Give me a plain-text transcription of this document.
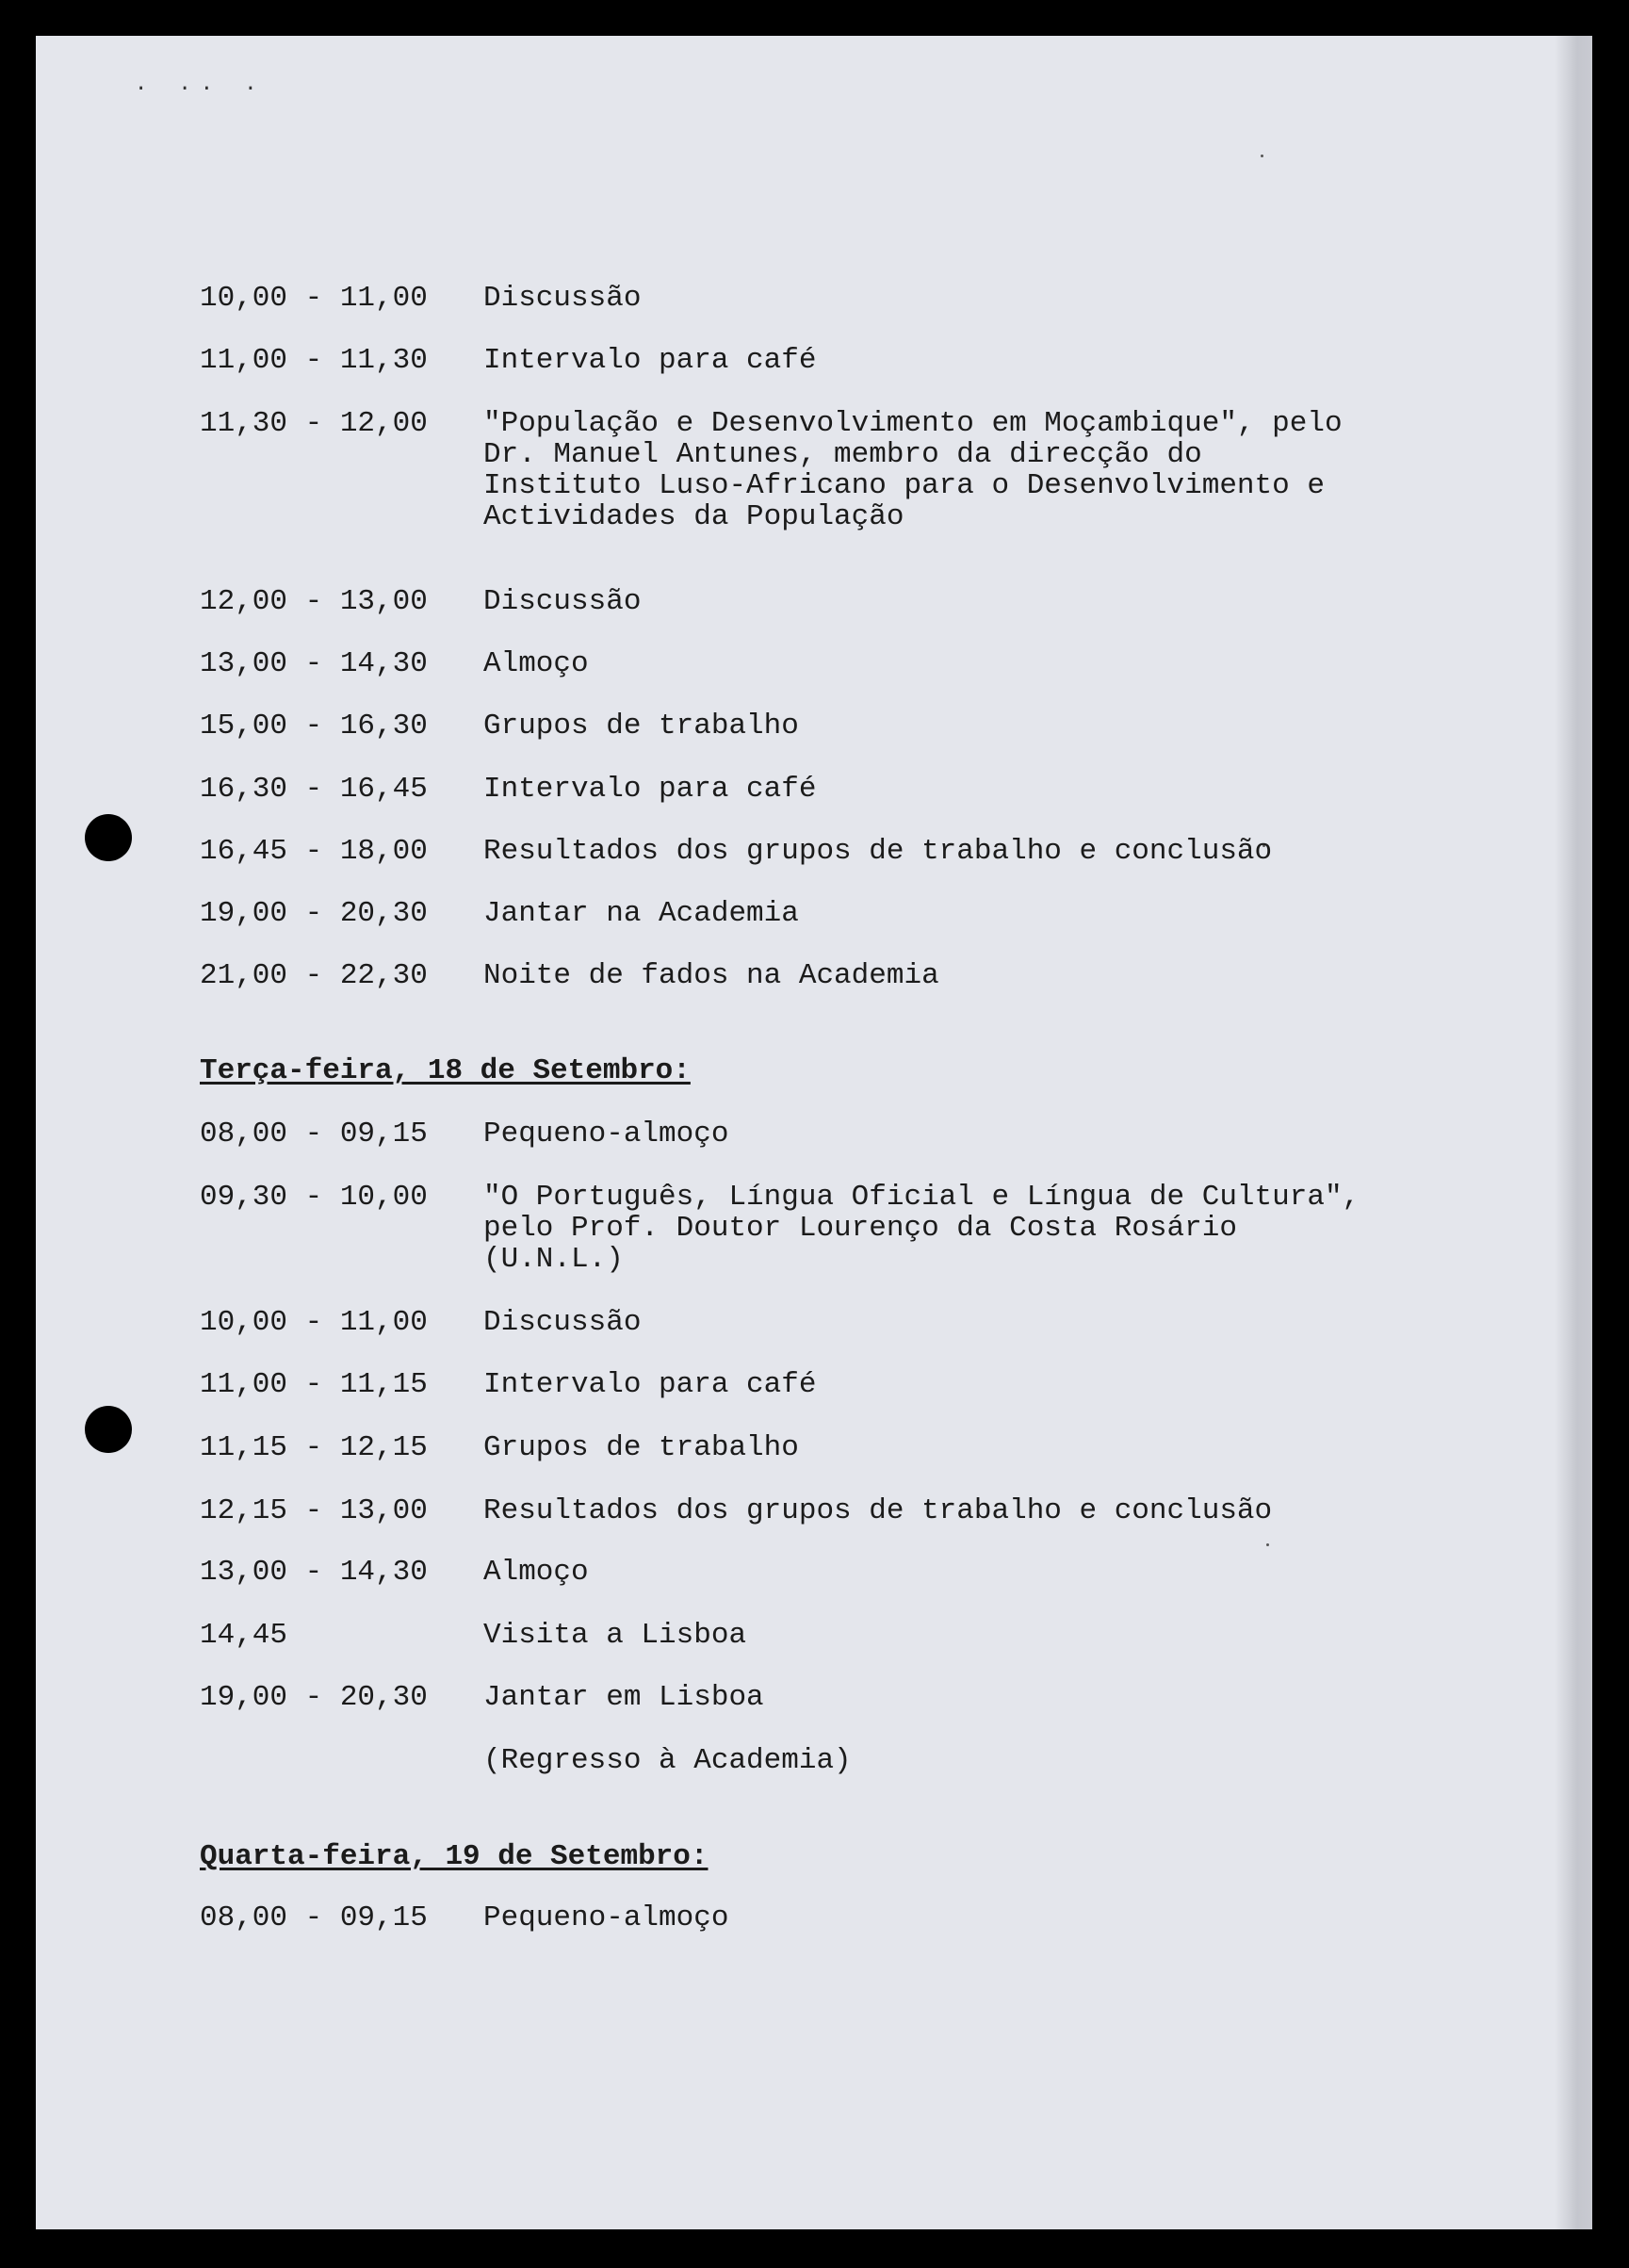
· ·· ·
10,00 - 11,00 Discussão
11,00 - 11,30 Intervalo para café
11,30 - 12,00 "População e Desenvolvimento em Moçambique", pelo
Dr. Manuel Antunes, membro da direcção do
Instituto Luso-Africano para o Desenvolvimento e
Actividades da População
12,00 - 13,00 Discussão
13,00 - 14,30 Almoço
15,00 - 16,30 Grupos de trabalho
16,30 - 16,45 Intervalo para café
16,45 - 18,00 Resultados dos grupos de trabalho e conclusão
19,00 - 20,30 Jantar na Academia
21,00 - 22,30 Noite de fados na Academia
Terça-feira, 18 de Setembro:
08,00 - 09,15 Pequeno-almoço
09,30 - 10,00 "O Português, Língua Oficial e Língua de Cultura",
pelo Prof. Doutor Lourenço da Costa Rosário
(U.N.L.)
10,00 - 11,00 Discussão
11,00 - 11,15 Intervalo para café
11,15 - 12,15 Grupos de trabalho
12,15 - 13,00 Resultados dos grupos de trabalho e conclusão
13,00 - 14,30 Almoço
14,45	Visita a Lisboa
19,00 - 20,30 Jantar em Lisboa
(Regresso à Academia)
Quarta-feira, 19 de Setembro:
08,00 - 09,15 Pequeno-almoço
